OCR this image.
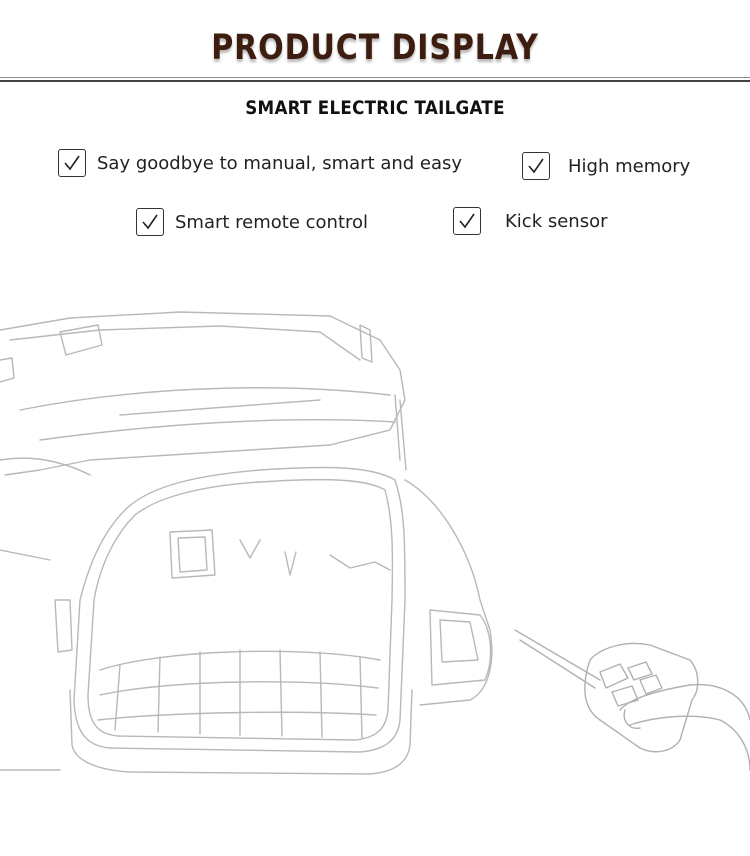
PRODUCT DISPLAY
SMART ELECTRIC TAILGATE
Say goodbye to manual, smart and easy	High memory
Smart remote control	Kick sensor
